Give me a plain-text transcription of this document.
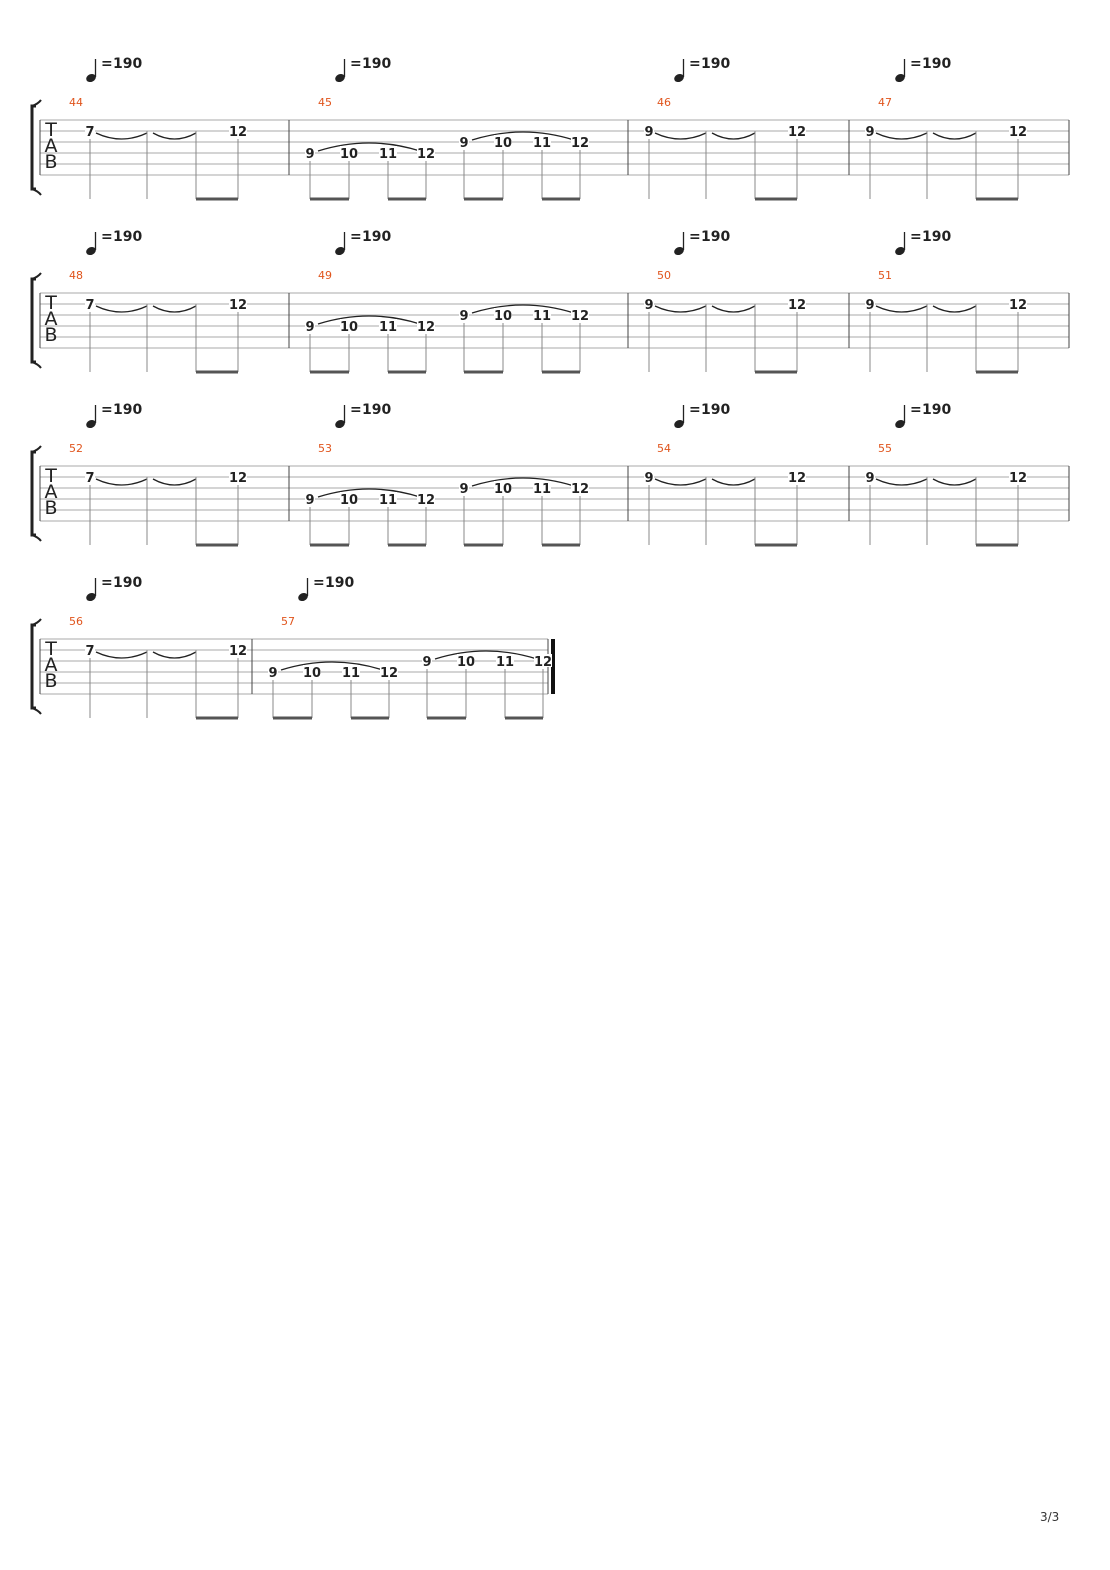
T
A
B
44
= 190
7	12
45
= 190
9 10 11 12
9 10 11 12
46
= 190
9	12
47
= 190
9	12
T
A
B
48
= 190
7	12
49
= 190
9 10 11 12
9 10 11 12
50
= 190
9	12
51
= 190
9	12
T
A
B
52
= 190
7	12
53
= 190
9 10 11 12
9 10 11 12
54
= 190
9	12
55
= 190
9	12
T
A
B
56
= 190
7	12
57
= 190
9 10 11 12
9 10 11 12
3/3
